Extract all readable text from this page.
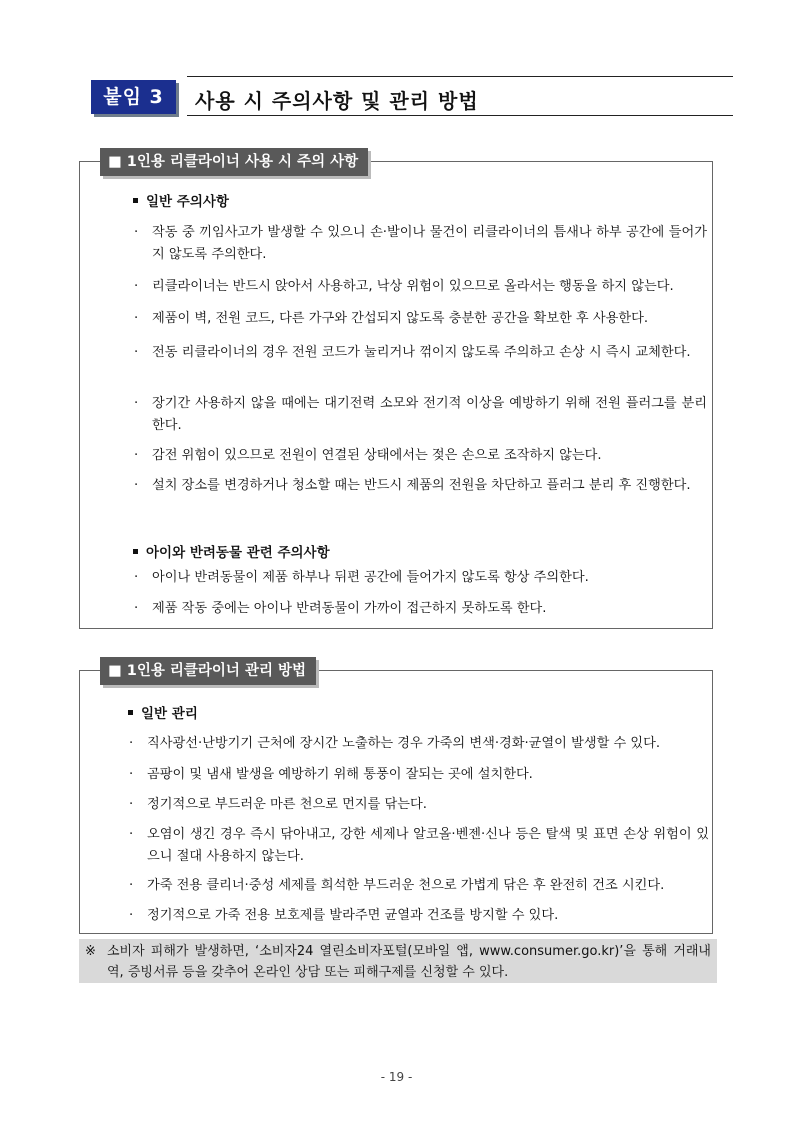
붙임 3	사용 시 주의사항 및 관리 방법
■ 1인용 리클라이너 사용 시 주의 사항
일반 주의사항
· 작동 중 끼임사고가 발생할 수 있으니 손·발이나 물건이 리클라이너의 틈새나 하부 공간에 들어가지 않도록 주의한다.
· 리클라이너는 반드시 앉아서 사용하고, 낙상 위험이 있으므로 올라서는 행동을 하지 않는다.
· 제품이 벽, 전원 코드, 다른 가구와 간섭되지 않도록 충분한 공간을 확보한 후 사용한다.
· 전동 리클라이너의 경우 전원 코드가 눌리거나 꺾이지 않도록 주의하고 손상 시 즉시 교체한다.
· 장기간 사용하지 않을 때에는 대기전력 소모와 전기적 이상을 예방하기 위해 전원 플러그를 분리한다.
· 감전 위험이 있으므로 전원이 연결된 상태에서는 젖은 손으로 조작하지 않는다.
· 설치 장소를 변경하거나 청소할 때는 반드시 제품의 전원을 차단하고 플러그 분리 후 진행한다.
아이와 반려동물 관련 주의사항
· 아이나 반려동물이 제품 하부나 뒤편 공간에 들어가지 않도록 항상 주의한다.
· 제품 작동 중에는 아이나 반려동물이 가까이 접근하지 못하도록 한다.
■ 1인용 리클라이너 관리 방법
일반 관리
· 직사광선·난방기기 근처에 장시간 노출하는 경우 가죽의 변색·경화·균열이 발생할 수 있다.
· 곰팡이 및 냄새 발생을 예방하기 위해 통풍이 잘되는 곳에 설치한다.
· 정기적으로 부드러운 마른 천으로 먼지를 닦는다.
· 오염이 생긴 경우 즉시 닦아내고, 강한 세제나 알코올·벤젠·신나 등은 탈색 및 표면 손상 위험이 있으니 절대 사용하지 않는다.
· 가죽 전용 클리너·중성 세제를 희석한 부드러운 천으로 가볍게 닦은 후 완전히 건조 시킨다.
· 정기적으로 가죽 전용 보호제를 발라주면 균열과 건조를 방지할 수 있다.
※ 소비자 피해가 발생하면, ‘소비자24 열린소비자포털(모바일 앱, www.consumer.go.kr)’을 통해 거래내역, 증빙서류 등을 갖추어 온라인 상담 또는 피해구제를 신청할 수 있다.
- 19 -
